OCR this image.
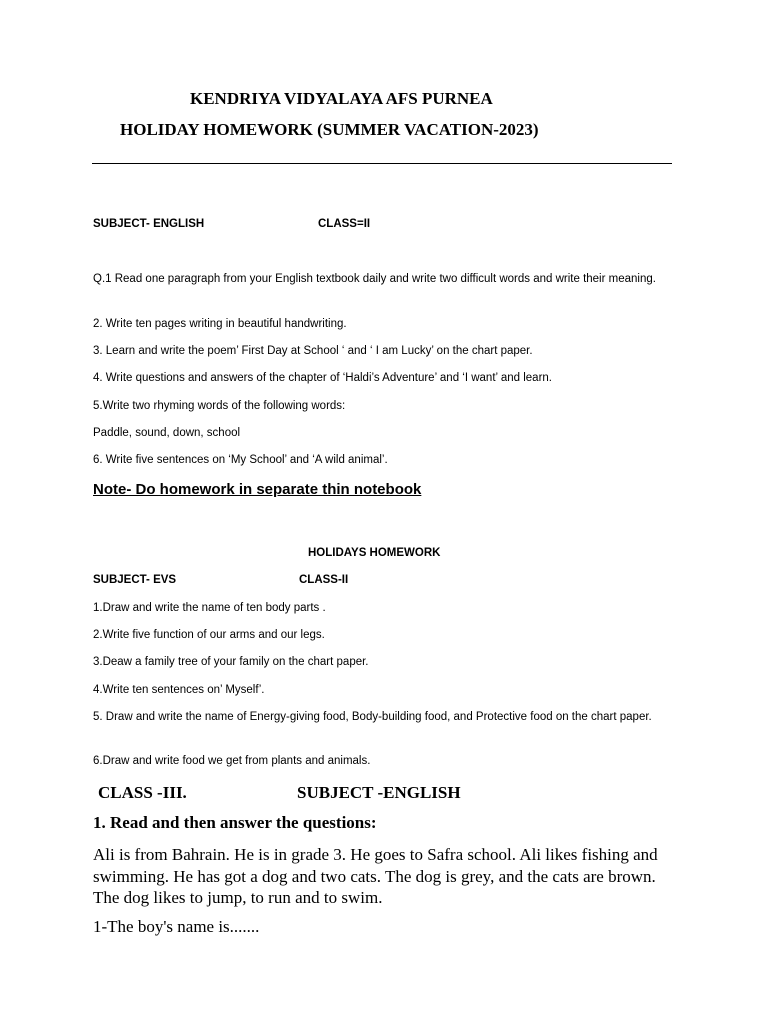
KENDRIYA VIDYALAYA AFS PURNEA
HOLIDAY HOMEWORK (SUMMER VACATION-2023)
SUBJECT- ENGLISH	CLASS=II
Q.1 Read one paragraph from your English textbook daily and write two difficult words and write their meaning.
2. Write ten pages writing in beautiful handwriting.
3. Learn and write the poem’ First Day at School ‘ and ‘ I am Lucky’ on the chart paper.
4. Write questions and answers of the chapter of ‘Haldi’s Adventure’ and ‘I want’ and learn.
5.Write two rhyming words of the following words:
Paddle, sound, down, school
6. Write five sentences on ‘My School’ and ‘A wild animal’.
Note- Do homework in separate thin notebook
HOLIDAYS HOMEWORK
SUBJECT- EVS	CLASS-II
1.Draw and write the name of ten body parts .
2.Write five function of our arms and our legs.
3.Deaw a family tree of your family on the chart paper.
4.Write ten sentences on’ Myself’.
5. Draw and write the name of Energy-giving food, Body-building food, and Protective food on the chart paper.
6.Draw and write food we get from plants and animals.
CLASS -III.	SUBJECT -ENGLISH
1. Read and then answer the questions:
Ali is from Bahrain. He is in grade 3. He goes to Safra school. Ali likes fishing and swimming. He has got a dog and two cats. The dog is grey, and the cats are brown. The dog likes to jump, to run and to swim.
1-The boy's name is.......
